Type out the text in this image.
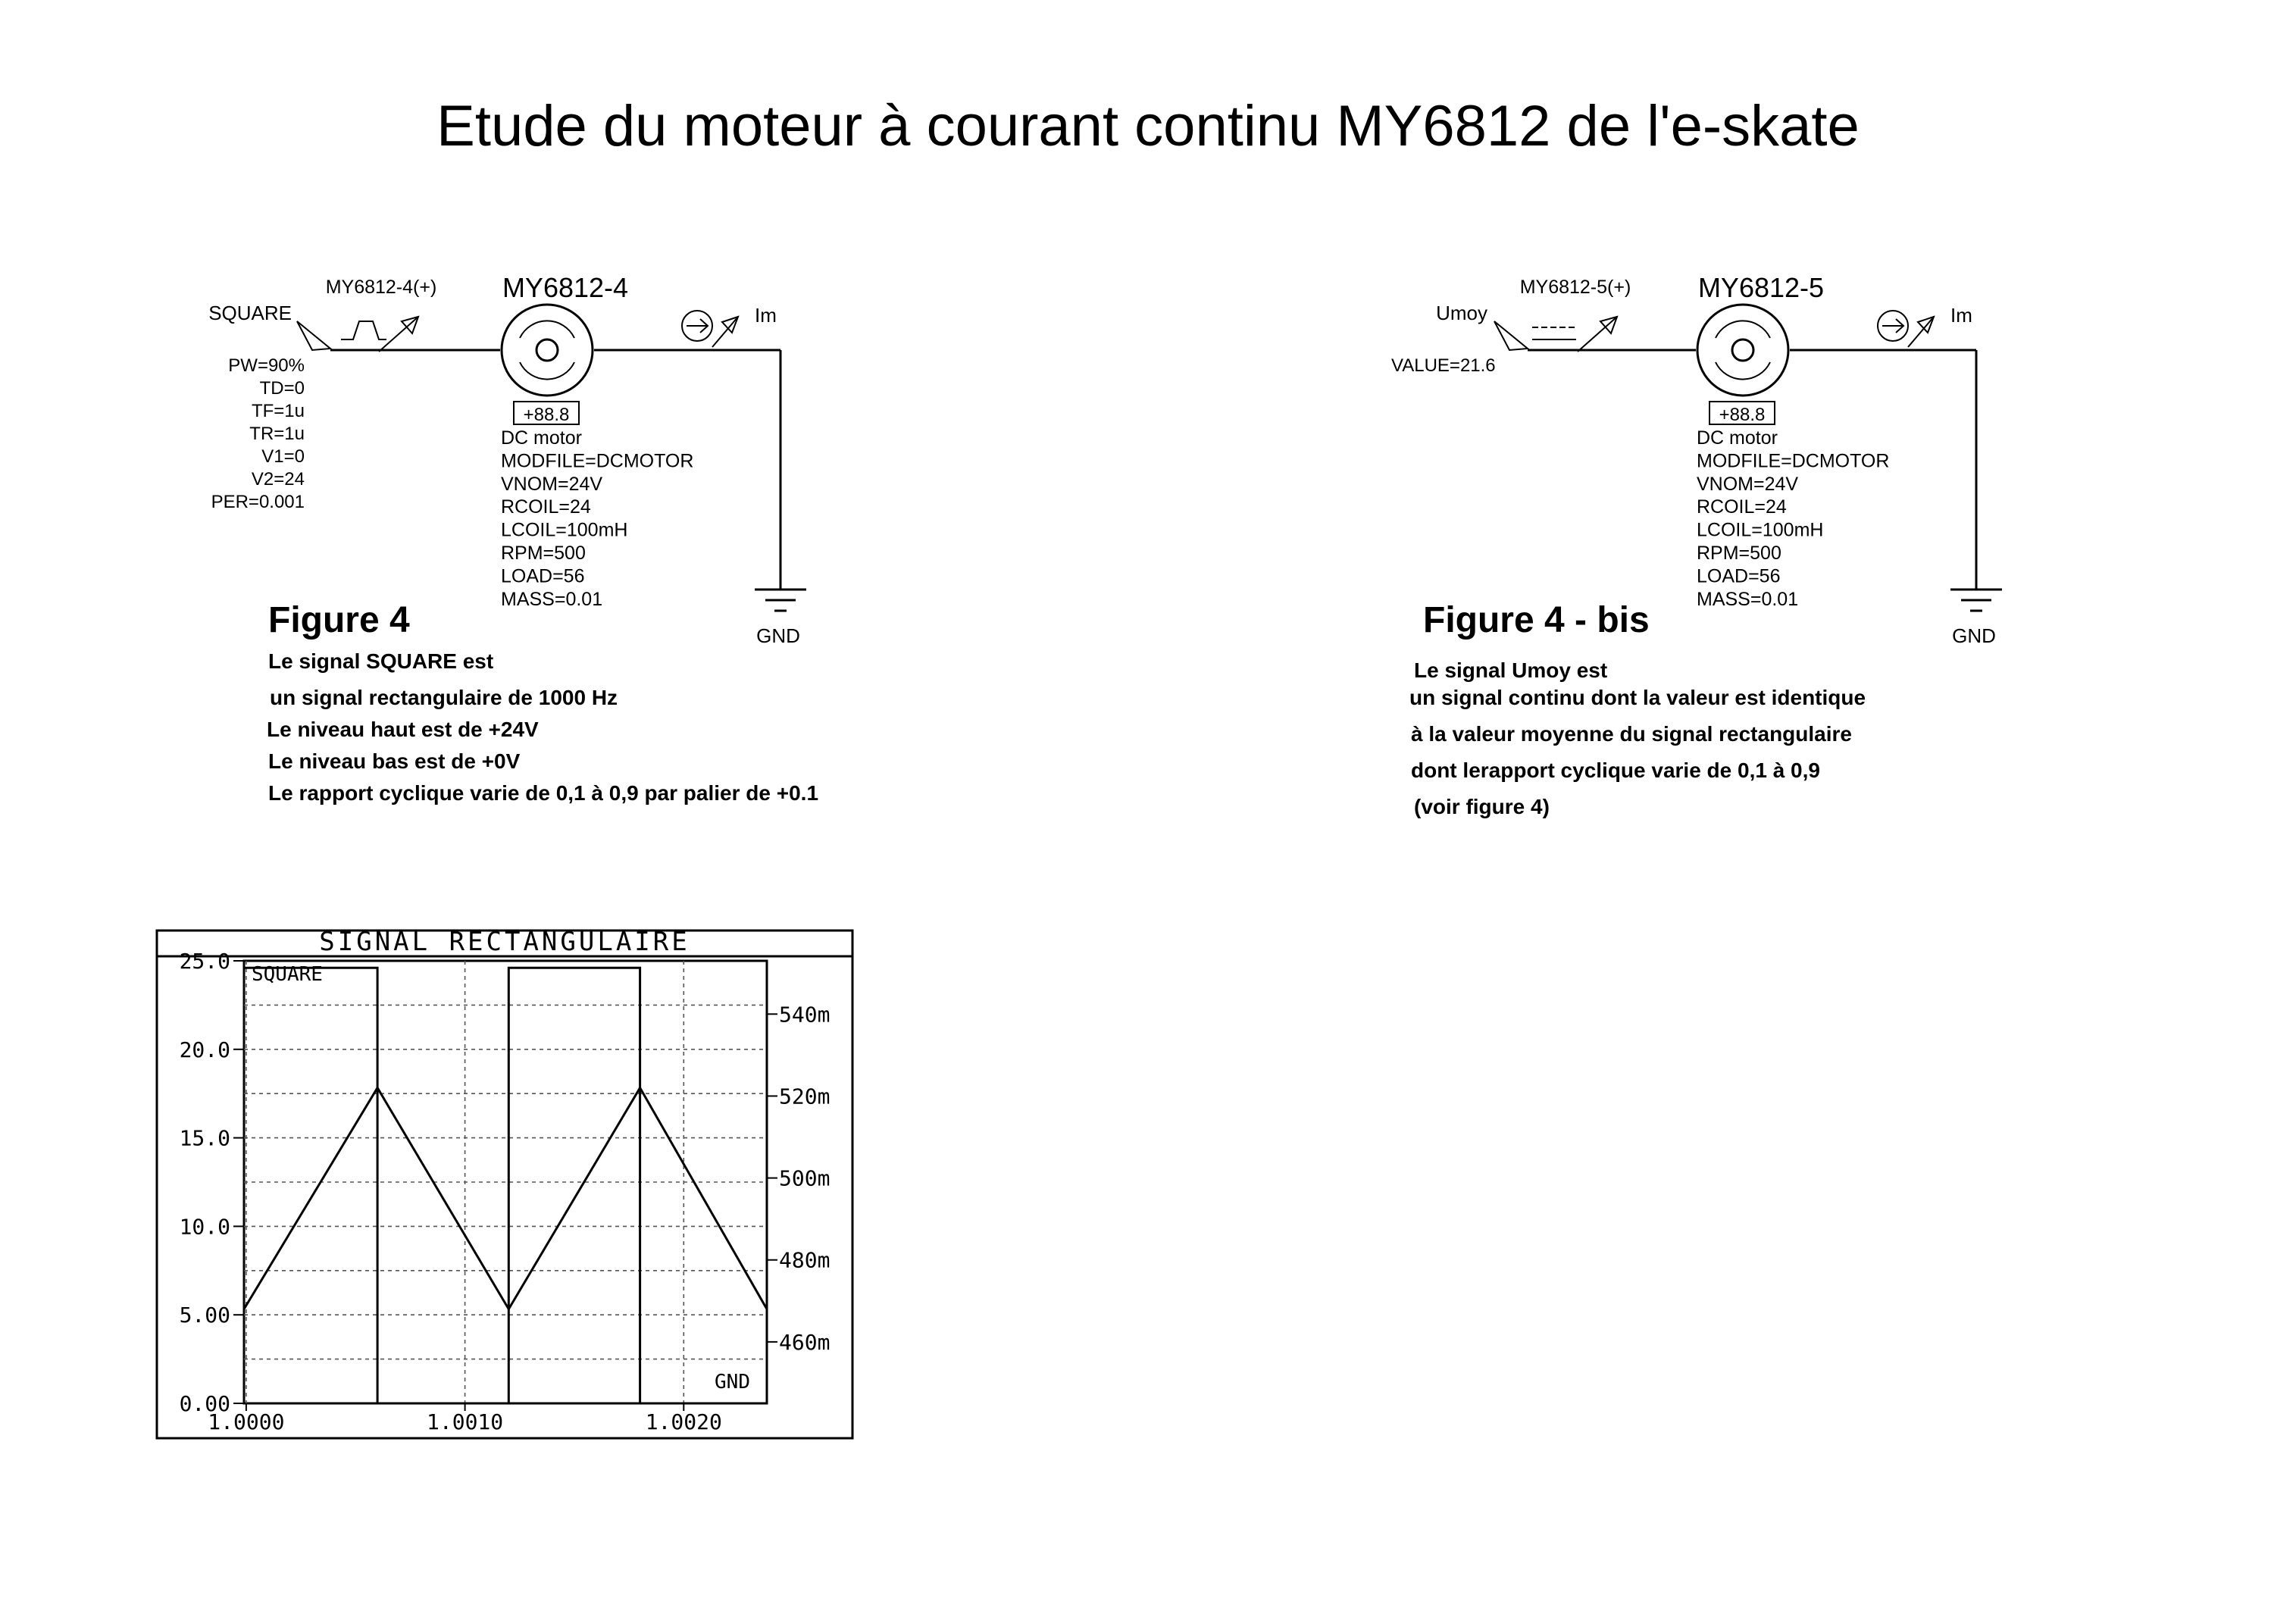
Etude du moteur à courant continu MY6812 de l'e-skate
SQUARE
MY6812-4(+) MY6812-4
+88.8
Im
GND
PW=90%
TD=0
TF=1u
TR=1u
V1=0
V2=24
PER=0.001
DC motor
MODFILE=DCMOTOR
VNOM=24V
RCOIL=24
LCOIL=100mH
RPM=500
LOAD=56
MASS=0.01
Figure 4
Le signal SQUARE est
un signal rectangulaire de 1000 Hz
Le niveau haut est de +24V
Le niveau bas est de +0V
Le rapport cyclique varie de 0,1 à 0,9 par palier de +0.1
Umoy
MY6812-5(+) MY6812-5
+88.8
Im
GND
VALUE=21.6
DC motor
MODFILE=DCMOTOR
VNOM=24V
RCOIL=24
LCOIL=100mH
RPM=500
LOAD=56
MASS=0.01
Figure 4 - bis
Le signal Umoy est
un signal continu dont la valeur est identique
à la valeur moyenne du signal rectangulaire
dont lerapport cyclique varie de 0,1 à 0,9
(voir figure 4)
SIGNAL RECTANGULAIRE
0.00
5.00
10.0
15.0
20.0
25.0
460m
480m
500m
520m
540m
1.0000	1.0010	1.0020
SQUARE
GND
